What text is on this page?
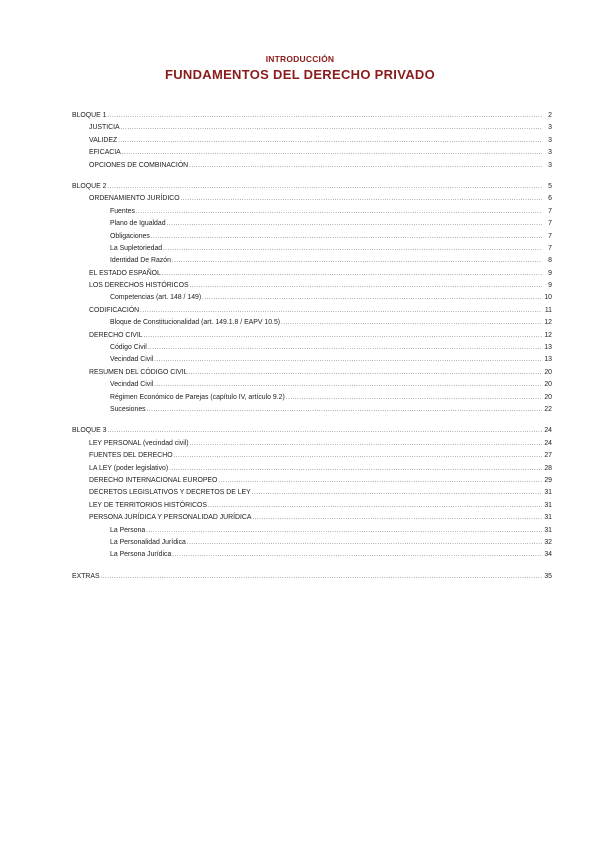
INTRODUCCIÓN
FUNDAMENTOS DEL DERECHO PRIVADO
BLOQUE 1 .....	2
JUSTICIA .....	3
VALIDEZ .....	3
EFICACIA .....	3
OPCIONES DE COMBINACIÓN .....	3
BLOQUE 2 .....	5
ORDENAMIENTO JURÍDICO .....	6
Fuentes .....	7
Plano de Igualdad .....	7
Obligaciones .....	7
La Supletoriedad .....	7
Identidad De Razón .....	8
EL ESTADO ESPAÑOL .....	9
LOS DERECHOS HISTÓRICOS .....	9
Competencias (art. 148 / 149) .....	10
CODIFICACIÓN .....	11
Bloque de Constitucionalidad (art. 149.1.8 / EAPV 10.5) .....	12
DERECHO CIVIL .....	12
Código Civil .....	13
Vecindad Civil .....	13
RESUMEN DEL CÓDIGO CIVIL .....	20
Vecindad Civil .....	20
Régimen Económico de Parejas (capítulo IV, artículo 9.2) .....	20
Sucesiones .....	22
BLOQUE 3 .....	24
LEY PERSONAL (vecindad civil) .....	24
FUENTES DEL DERECHO .....	27
LA LEY (poder legislativo) .....	28
DERECHO INTERNACIONAL EUROPEO .....	29
DECRETOS LEGISLATIVOS Y DECRETOS DE LEY .....	31
LEY DE TERRITORIOS HISTÓRICOS .....	31
PERSONA JURÍDICA Y PERSONALIDAD JURÍDICA .....	31
La Persona .....	31
La Personalidad Jurídica .....	32
La Persona Jurídica .....	34
EXTRAS .....	35
